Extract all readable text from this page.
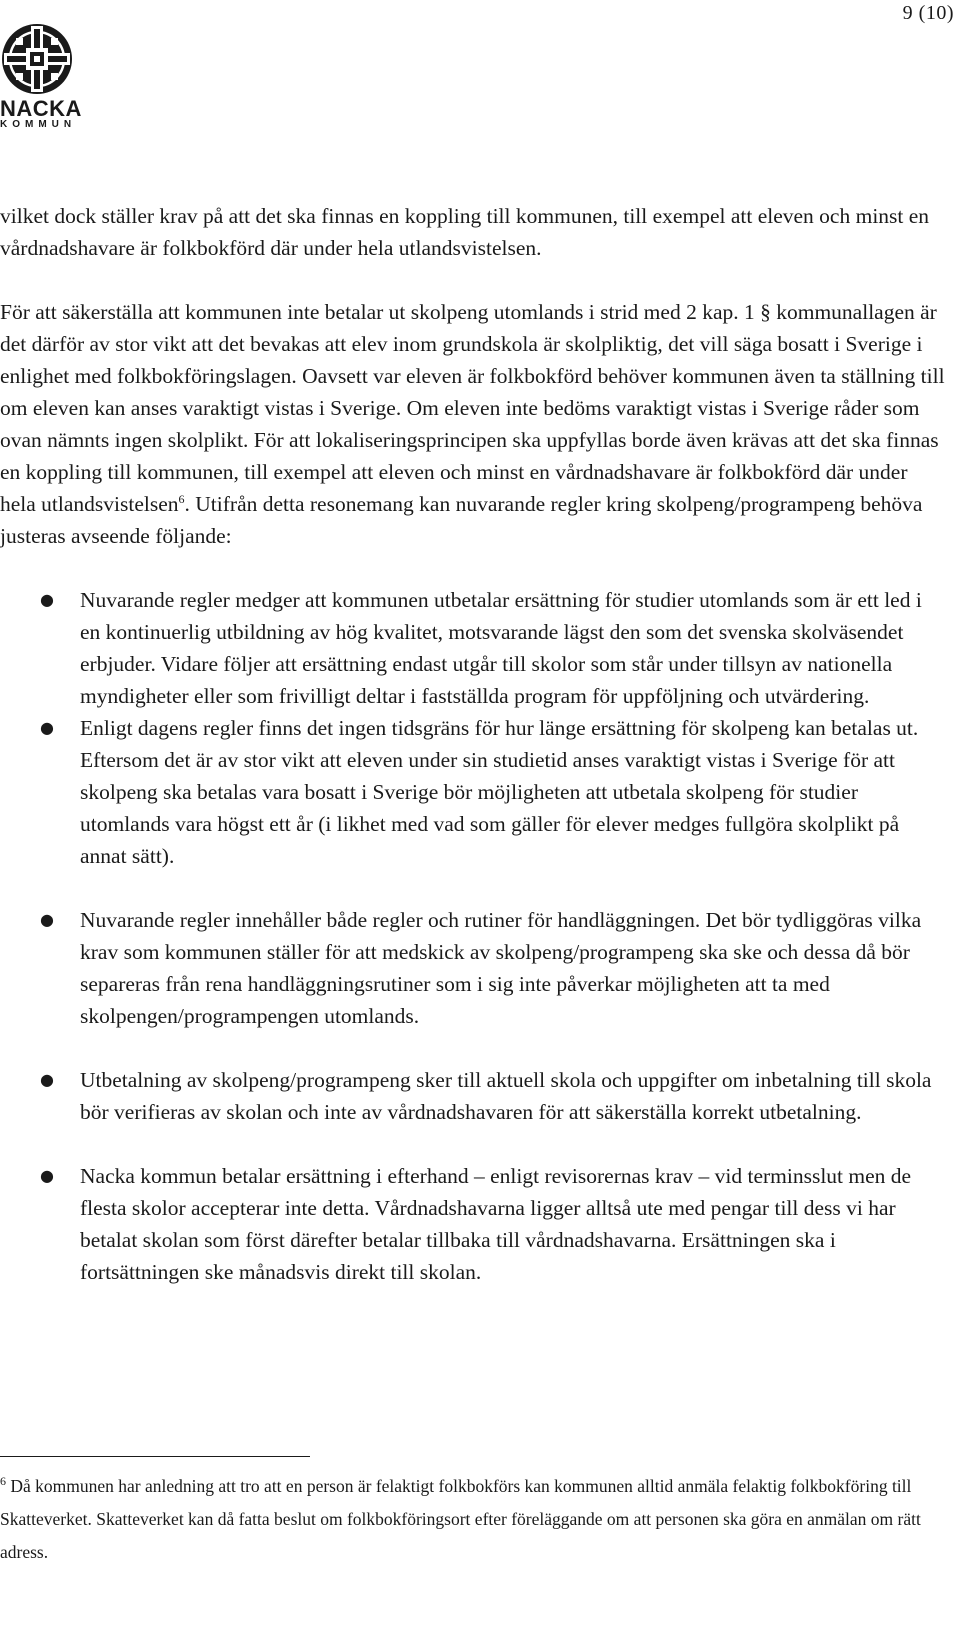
9 (10)
NACKA
KOMMUN

vilket dock ställer krav på att det ska finnas en koppling till kommunen, till exempel att eleven och minst en vårdnadshavare är folkbokförd där under hela utlandsvistelsen.

För att säkerställa att kommunen inte betalar ut skolpeng utomlands i strid med 2 kap. 1 § kommunallagen är det därför av stor vikt att det bevakas att elev inom grundskola är skolpliktig, det vill säga bosatt i Sverige i enlighet med folkbokföringslagen. Oavsett var eleven är folkbokförd behöver kommunen även ta ställning till om eleven kan anses varaktigt vistas i Sverige. Om eleven inte bedöms varaktigt vistas i Sverige råder som ovan nämnts ingen skolplikt. För att lokaliseringsprincipen ska uppfyllas borde även krävas att det ska finnas en koppling till kommunen, till exempel att eleven och minst en vårdnadshavare är folkbokförd där under hela utlandsvistelsen$^6$. Utifrån detta resonemang kan nuvarande regler kring skolpeng/programpeng behöva justeras avseende följande:

● Nuvarande regler medger att kommunen utbetalar ersättning för studier utomlands som är ett led i en kontinuerlig utbildning av hög kvalitet, motsvarande lägst den som det svenska skolväsendet erbjuder. Vidare följer att ersättning endast utgår till skolor som står under tillsyn av nationella myndigheter eller som frivilligt deltar i fastställda program för uppföljning och utvärdering.
● Enligt dagens regler finns det ingen tidsgräns för hur länge ersättning för skolpeng kan betalas ut. Eftersom det är av stor vikt att eleven under sin studietid anses varaktigt vistas i Sverige för att skolpeng ska betalas vara bosatt i Sverige bör möjligheten att utbetala skolpeng för studier utomlands vara högst ett år (i likhet med vad som gäller för elever medges fullgöra skolplikt på annat sätt).
● Nuvarande regler innehåller både regler och rutiner för handläggningen. Det bör tydliggöras vilka krav som kommunen ställer för att medskick av skolpeng/programpeng ska ske och dessa då bör separeras från rena handläggningsrutiner som i sig inte påverkar möjligheten att ta med skolpengen/programpengen utomlands.
● Utbetalning av skolpeng/programpeng sker till aktuell skola och uppgifter om inbetalning till skola bör verifieras av skolan och inte av vårdnadshavaren för att säkerställa korrekt utbetalning.
● Nacka kommun betalar ersättning i efterhand – enligt revisorernas krav – vid terminsslut men de flesta skolor accepterar inte detta. Vårdnadshavarna ligger alltså ute med pengar till dess vi har betalat skolan som först därefter betalar tillbaka till vårdnadshavarna. Ersättningen ska i fortsättningen ske månadsvis direkt till skolan.
$^6$ Då kommunen har anledning att tro att en person är felaktigt folkbokförs kan kommunen alltid anmäla felaktig folkbokföring till Skatteverket. Skatteverket kan då fatta beslut om folkbokföringsort efter föreläggande om att personen ska göra en anmälan om rätt adress.
